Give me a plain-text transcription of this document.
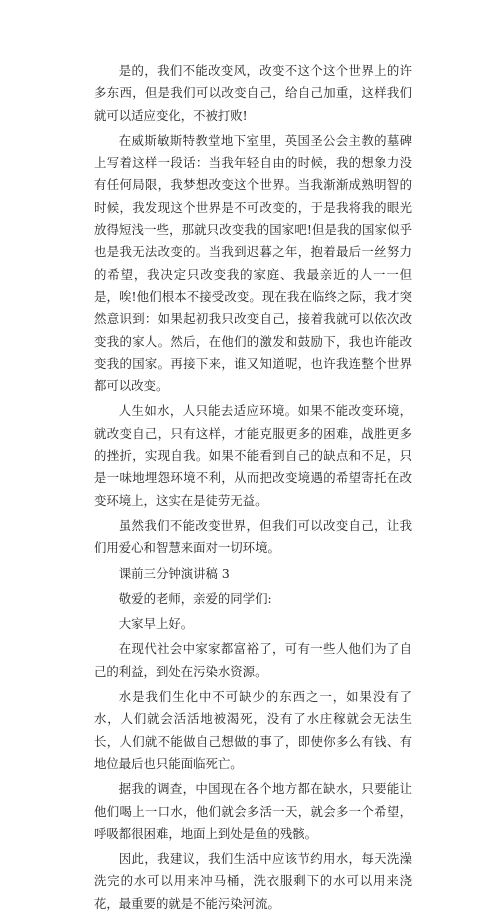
是的，我们不能改变风，改变不这个这个世界上的许多东西，但是我们可以改变自己，给自己加重，这样我们就可以适应变化，不被打败!

在威斯敏斯特教堂地下室里，英国圣公会主教的墓碑上写着这样一段话：当我年轻自由的时候，我的想象力没有任何局限，我梦想改变这个世界。当我渐渐成熟明智的时候，我发现这个世界是不可改变的，于是我将我的眼光放得短浅一些，那就只改变我的国家吧!但是我的国家似乎也是我无法改变的。当我到迟暮之年，抱着最后一丝努力的希望，我决定只改变我的家庭、我最亲近的人一一但是，唉!他们根本不接受改变。现在我在临终之际，我才突然意识到：如果起初我只改变自己，接着我就可以依次改变我的家人。然后，在他们的激发和鼓励下，我也许能改变我的国家。再接下来，谁又知道呢，也许我连整个世界都可以改变。

人生如水，人只能去适应环境。如果不能改变环境，就改变自己，只有这样，才能克服更多的困难，战胜更多的挫折，实现自我。如果不能看到自己的缺点和不足，只是一味地埋怨环境不利，从而把改变境遇的希望寄托在改变环境上，这实在是徒劳无益。

虽然我们不能改变世界，但我们可以改变自己，让我们用爱心和智慧来面对一切环境。

课前三分钟演讲稿 3

敬爱的老师，亲爱的同学们:

大家早上好。

在现代社会中家家都富裕了，可有一些人他们为了自己的利益，到处在污染水资源。

水是我们生化中不可缺少的东西之一，如果没有了水，人们就会活活地被渴死，没有了水庄稼就会无法生长，人们就不能做自己想做的事了，即使你多么有钱、有地位最后也只能面临死亡。

据我的调查，中国现在各个地方都在缺水，只要能让他们喝上一口水，他们就会多活一天，就会多一个希望，呼吸都很困难，地面上到处是鱼的残骸。

因此，我建议，我们生活中应该节约用水，每天洗澡洗完的水可以用来冲马桶，洗衣服剩下的水可以用来浇花，最重要的就是不能污染河流。
